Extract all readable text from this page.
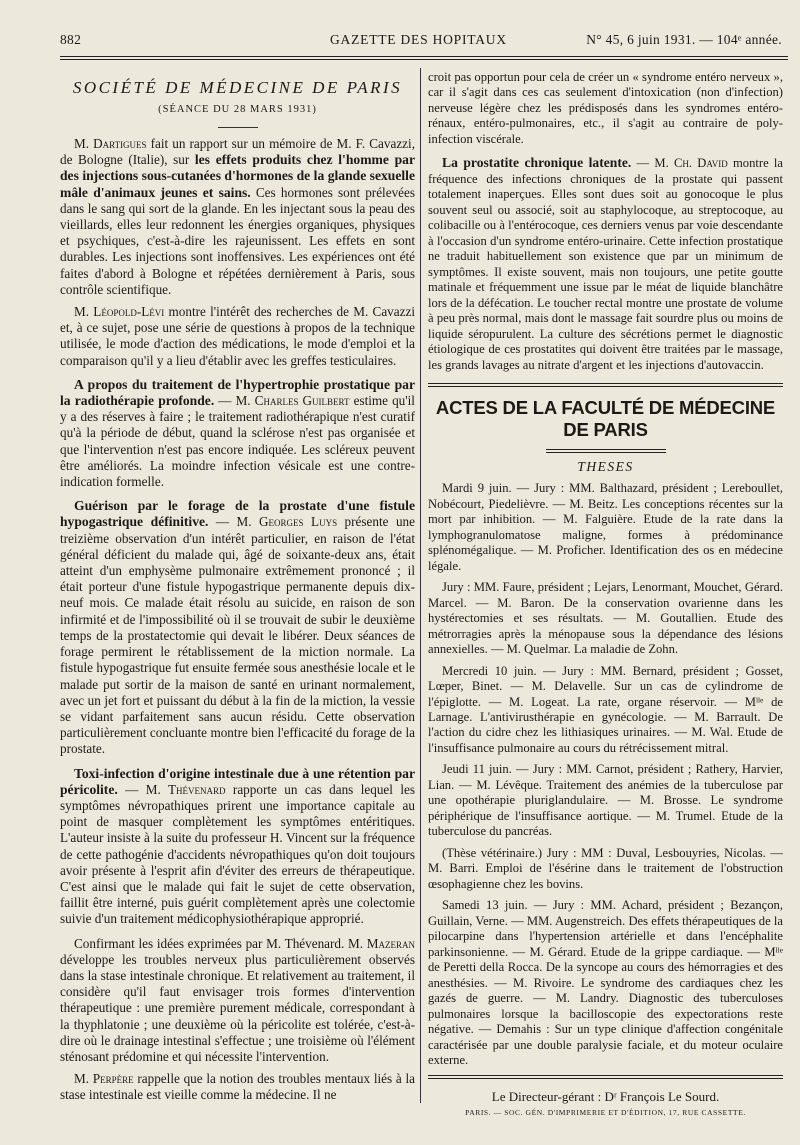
882	GAZETTE DES HOPITAUX	N° 45, 6 juin 1931. — 104ᵉ année.
SOCIÉTÉ DE MÉDECINE DE PARIS
(SÉANCE DU 28 MARS 1931)

M. Dartigues fait un rapport sur un mémoire de M. F. Cavazzi, de Bologne (Italie), sur les effets produits chez l'homme par des injections sous-cutanées d'hormones de la glande sexuelle mâle d'animaux jeunes et sains. Ces hormones sont prélevées dans le sang qui sort de la glande. En les injectant sous la peau des vieillards, elles leur redonnent les énergies organiques, physiques et psychiques, c'est-à-dire les rajeunissent. Les effets en sont durables. Les injections sont inoffensives. Les expériences ont été faites d'abord à Bologne et répétées dernièrement à Paris, sous contrôle scientifique.

M. Léopold-Lévi montre l'intérêt des recherches de M. Cavazzi et, à ce sujet, pose une série de questions à propos de la technique utilisée, le mode d'action des médications, le mode d'emploi et la comparaison qu'il y a lieu d'établir avec les greffes testiculaires.

A propos du traitement de l'hypertrophie prostatique par la radiothérapie profonde. — M. Charles Guilbert estime qu'il y a des réserves à faire ; le traitement radiothérapique n'est curatif qu'à la période de début, quand la sclérose n'est pas organisée et que l'intervention n'est pas encore indiquée. Les scléreux peuvent être améliorés. La moindre infection vésicale est une contre-indication formelle.

Guérison par le forage de la prostate d'une fistule hypogastrique définitive. — M. Georges Luys présente une treizième observation d'un intérêt particulier, en raison de l'état général déficient du malade qui, âgé de soixante-deux ans, était atteint d'un emphysème pulmonaire extrêmement prononcé ; il était porteur d'une fistule hypogastrique permanente depuis dix-neuf mois. Ce malade était résolu au suicide, en raison de son infirmité et de l'impossibilité où il se trouvait de subir le deuxième temps de la prostatectomie qui devait le libérer. Deux séances de forage permirent le rétablissement de la miction normale. La fistule hypogastrique fut ensuite fermée sous anesthésie locale et le malade put sortir de la maison de santé en urinant normalement, avec un jet fort et puissant du début à la fin de la miction, la vessie se vidant parfaitement sans aucun résidu. Cette observation particulièrement concluante montre bien l'efficacité du forage de la prostate.

Toxi-infection d'origine intestinale due à une rétention par péricolite. — M. Thévenard rapporte un cas dans lequel les symptômes névropathiques prirent une importance capitale au point de masquer complètement les symptômes entéritiques. L'auteur insiste à la suite du professeur H. Vincent sur la fréquence de cette pathogénie d'accidents névropathiques qu'on doit toujours avoir présente à l'esprit afin d'éviter des erreurs de thérapeutique. C'est ainsi que le malade qui fait le sujet de cette observation, faillit être interné, puis guérit complètement après une colectomie suivie d'un traitement médicophysiothérapique approprié.

Confirmant les idées exprimées par M. Thévenard. M. Mazeran développe les troubles nerveux plus particulièrement observés dans la stase intestinale chronique. Et relativement au traitement, il considère qu'il faut envisager trois formes d'intervention thérapeutique : une première purement médicale, correspondant à la thyphlatonie ; une deuxième où la péricolite est tolérée, c'est-à-dire où le drainage intestinal s'effectue ; une troisième où l'élément sténosant prédomine et qui nécessite l'intervention.

M. Perpère rappelle que la notion des troubles mentaux liés à la stase intestinale est vieille comme la médecine. Il ne

croit pas opportun pour cela de créer un « syndrome entéro nerveux », car il s'agit dans ces cas seulement d'intoxication (non d'infection) nerveuse légère chez les prédisposés dans les syndromes entéro-rénaux, entéro-pulmonaires, etc., il s'agit au contraire de poly-infection viscérale.

La prostatite chronique latente. — M. Ch. David montre la fréquence des infections chroniques de la prostate qui passent totalement inaperçues. Elles sont dues soit au gonocoque le plus souvent seul ou associé, soit au staphylocoque, au streptocoque, au colibacille ou à l'entérocoque, ces derniers venus par voie descendante à l'occasion d'un syndrome entéro-urinaire. Cette infection prostatique ne traduit habituellement son existence que par un minimum de symptômes. Il existe souvent, mais non toujours, une petite goutte matinale et fréquemment une issue par le méat de liquide blanchâtre lors de la défécation. Le toucher rectal montre une prostate de volume à peu près normal, mais dont le massage fait sourdre plus ou moins de liquide séropurulent. La culture des sécrétions permet le diagnostic étiologique de ces prostatites qui doivent être traitées par le massage, les grands lavages au nitrate d'argent et les injections d'autovaccin.

ACTES DE LA FACULTÉ DE MÉDECINE DE PARIS
THESES

Mardi 9 juin. — Jury : MM. Balthazard, président ; Lereboullet, Nobécourt, Piedelièvre. — M. Beitz. Les conceptions récentes sur la mort par inhibition. — M. Falguière. Etude de la rate dans la lymphogranulomatose maligne, formes à prédominance splénomégalique. — M. Proficher. Identification des os en médecine légale.

Jury : MM. Faure, président ; Lejars, Lenormant, Mouchet, Gérard. Marcel. — M. Baron. De la conservation ovarienne dans les hystérectomies et ses résultats. — M. Goutallien. Etude des métrorragies après la ménopause sous la dépendance des lésions annexielles. — M. Quelmar. La maladie de Zohn.

Mercredi 10 juin. — Jury : MM. Bernard, président ; Gosset, Lœper, Binet. — M. Delavelle. Sur un cas de cylindrome de l'épiglotte. — M. Logeat. La rate, organe réservoir. — Mˡˡᵉ de Larnage. L'antivirusthérapie en gynécologie. — M. Barrault. De l'action du cidre chez les lithiasiques urinaires. — M. Wal. Etude de l'insuffisance pulmonaire au cours du rétrécissement mitral.

Jeudi 11 juin. — Jury : MM. Carnot, président ; Rathery, Harvier, Lian. — M. Lévêque. Traitement des anémies de la tuberculose par une opothérapie pluriglandulaire. — M. Brosse. Le syndrome périphérique de l'insuffisance aortique. — M. Trumel. Etude de la tuberculose du pancréas.

(Thèse vétérinaire.) Jury : MM : Duval, Lesbouyries, Nicolas. — M. Barri. Emploi de l'ésérine dans le traitement de l'obstruction œsophagienne chez les bovins.

Samedi 13 juin. — Jury : MM. Achard, président ; Bezançon, Guillain, Verne. — MM. Augenstreich. Des effets thérapeutiques de la pilocarpine dans l'hypertension artérielle et dans l'encéphalite parkinsonienne. — M. Gérard. Etude de la grippe cardiaque. — Mˡˡᵉ de Peretti della Rocca. De la syncope au cours des hémorragies et des anesthésies. — M. Rivoire. Le syndrome des cardiaques chez les gazés de guerre. — M. Landry. Diagnostic des tuberculoses pulmonaires lorsque la bacilloscopie des expectorations reste négative. — Demahis : Sur un type clinique d'affection congénitale caractérisée par une double paralysie faciale, et du moteur oculaire externe.

Le Directeur-gérant : Dʳ François Le Sourd.
PARIS. — SOC. GÉN. D'IMPRIMERIE ET D'ÉDITION, 17, RUE CASSETTE.
